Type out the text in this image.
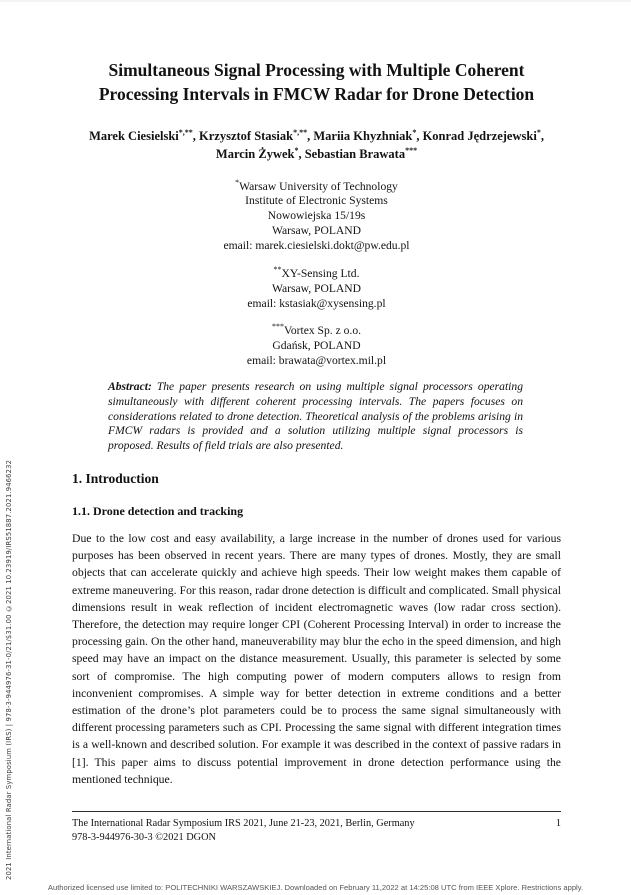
2021 International Radar Symposium (IRS) | 978-3-944976-31-0/21/$31.00 ©2021 10.23919/IRS51887.2021.9466232
Simultaneous Signal Processing with Multiple Coherent Processing Intervals in FMCW Radar for Drone Detection
Marek Ciesielski*,**, Krzysztof Stasiak*,**, Mariia Khyzhniak*, Konrad Jędrzejewski*,
Marcin Żywek*, Sebastian Brawata***
*Warsaw University of Technology
Institute of Electronic Systems
Nowowiejska 15/19s
Warsaw, POLAND
email: marek.ciesielski.dokt@pw.edu.pl
**XY-Sensing Ltd.
Warsaw, POLAND
email: kstasiak@xysensing.pl
***Vortex Sp. z o.o.
Gdańsk, POLAND
email: brawata@vortex.mil.pl
Abstract: The paper presents research on using multiple signal processors operating simultaneously with different coherent processing intervals. The papers focuses on considerations related to drone detection. Theoretical analysis of the problems arising in FMCW radars is provided and a solution utilizing multiple signal processors is proposed. Results of field trials are also presented.
1. Introduction
1.1. Drone detection and tracking
Due to the low cost and easy availability, a large increase in the number of drones used for various purposes has been observed in recent years. There are many types of drones. Mostly, they are small objects that can accelerate quickly and achieve high speeds. Their low weight makes them capable of extreme maneuvering. For this reason, radar drone detection is difficult and complicated. Small physical dimensions result in weak reflection of incident electromagnetic waves (low radar cross section). Therefore, the detection may require longer CPI (Coherent Processing Interval) in order to increase the processing gain. On the other hand, maneuverability may blur the echo in the speed dimension, and high speed may have an impact on the distance measurement. Usually, this parameter is selected by some sort of compromise. The high computing power of modern computers allows to resign from inconvenient compromises. A simple way for better detection in extreme conditions and a better estimation of the drone’s plot parameters could be to process the same signal simultaneously with different processing parameters such as CPI. Processing the same signal with different integration times is a well-known and described solution. For example it was described in the context of passive radars in [1]. This paper aims to discuss potential improvement in drone detection performance using the mentioned technique.
The International Radar Symposium IRS 2021, June 21-23, 2021, Berlin, Germany	1
978-3-944976-30-3 ©2021 DGON
Authorized licensed use limited to: POLITECHNIKI WARSZAWSKIEJ. Downloaded on February 11,2022 at 14:25:08 UTC from IEEE Xplore. Restrictions apply.
